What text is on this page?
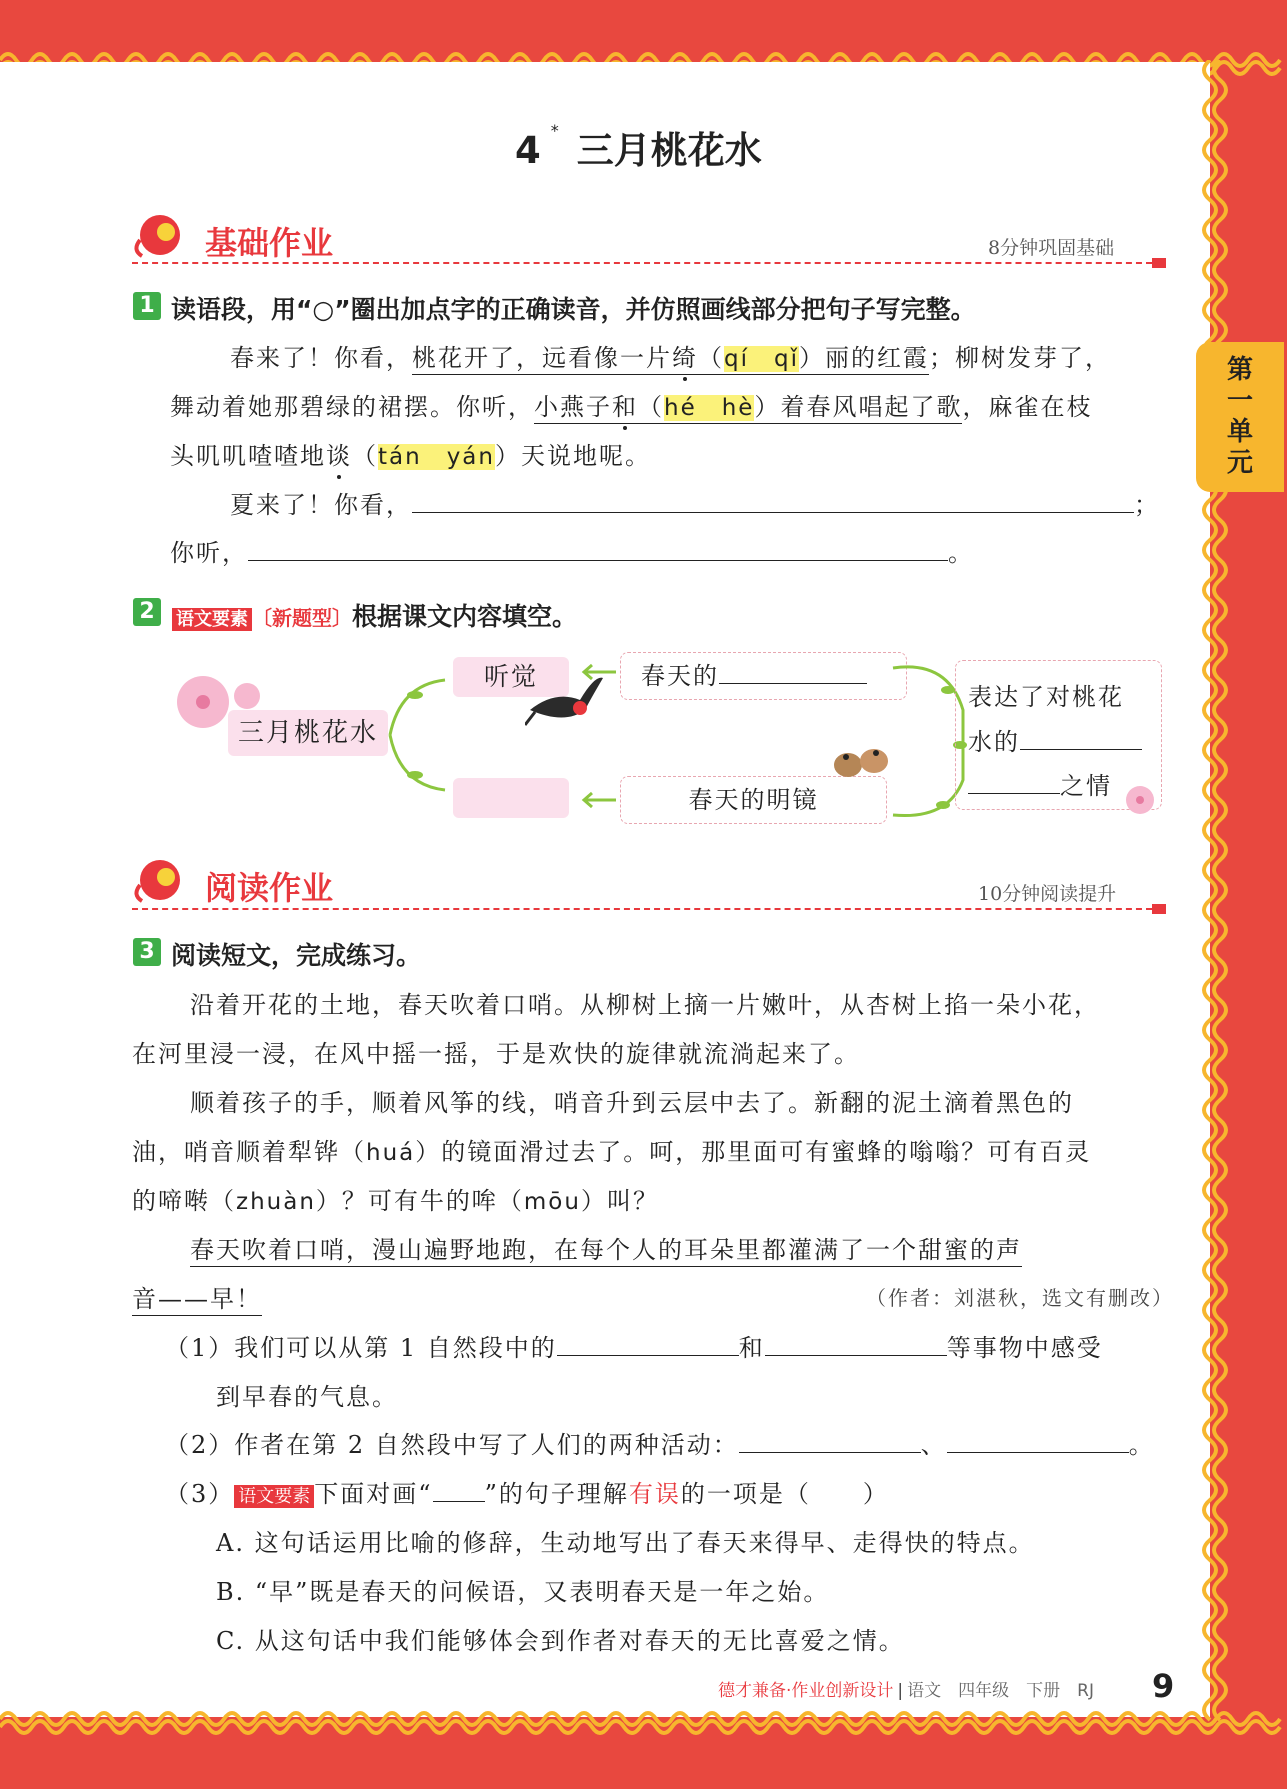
第一单元
4 * 三月桃花水
基础作业	8分钟巩固基础
1 读语段，用“○”圈出加点字的正确读音，并仿照画线部分把句子写完整。
春来了！你看，桃花开了，远看像一片绮（qí　qǐ）丽的红霞；柳树发芽了，
舞动着她那碧绿的裙摆。你听，小燕子和（hé　hè）着春风唱起了歌，麻雀在枝
头叽叽喳喳地谈（tán　yán）天说地呢。
夏来了！你看，	；
你听，	。
2	语文要素 〔新题型〕根据课文内容填空。
三月桃花水
听觉	春天的
春天的明镜
表达了对桃花
水的
之情
阅读作业	10分钟阅读提升
3 阅读短文，完成练习。
沿着开花的土地，春天吹着口哨。从柳树上摘一片嫩叶，从杏树上掐一朵小花，
在河里浸一浸，在风中摇一摇，于是欢快的旋律就流淌起来了。
顺着孩子的手，顺着风筝的线，哨音升到云层中去了。新翻的泥土滴着黑色的
油，哨音顺着犁铧（huá）的镜面滑过去了。呵，那里面可有蜜蜂的嗡嗡？可有百灵
的啼啭（zhuàn）？可有牛的哞（mōu）叫？
春天吹着口哨，漫山遍野地跑，在每个人的耳朵里都灌满了一个甜蜜的声
音——早！	（作者：刘湛秋，选文有删改）
（1）我们可以从第 1 自然段中的	和	等事物中感受
到早春的气息。
（2）作者在第 2 自然段中写了人们的两种活动：	、	。
（3） 语文要素 下面对画“ ”的句子理解有误的一项是（　　）
A. 这句话运用比喻的修辞，生动地写出了春天来得早、走得快的特点。
B. “早”既是春天的问候语，又表明春天是一年之始。
C. 从这句话中我们能够体会到作者对春天的无比喜爱之情。
德才兼备·作业创新设计 | 语文　四年级　下册　RJ 9
